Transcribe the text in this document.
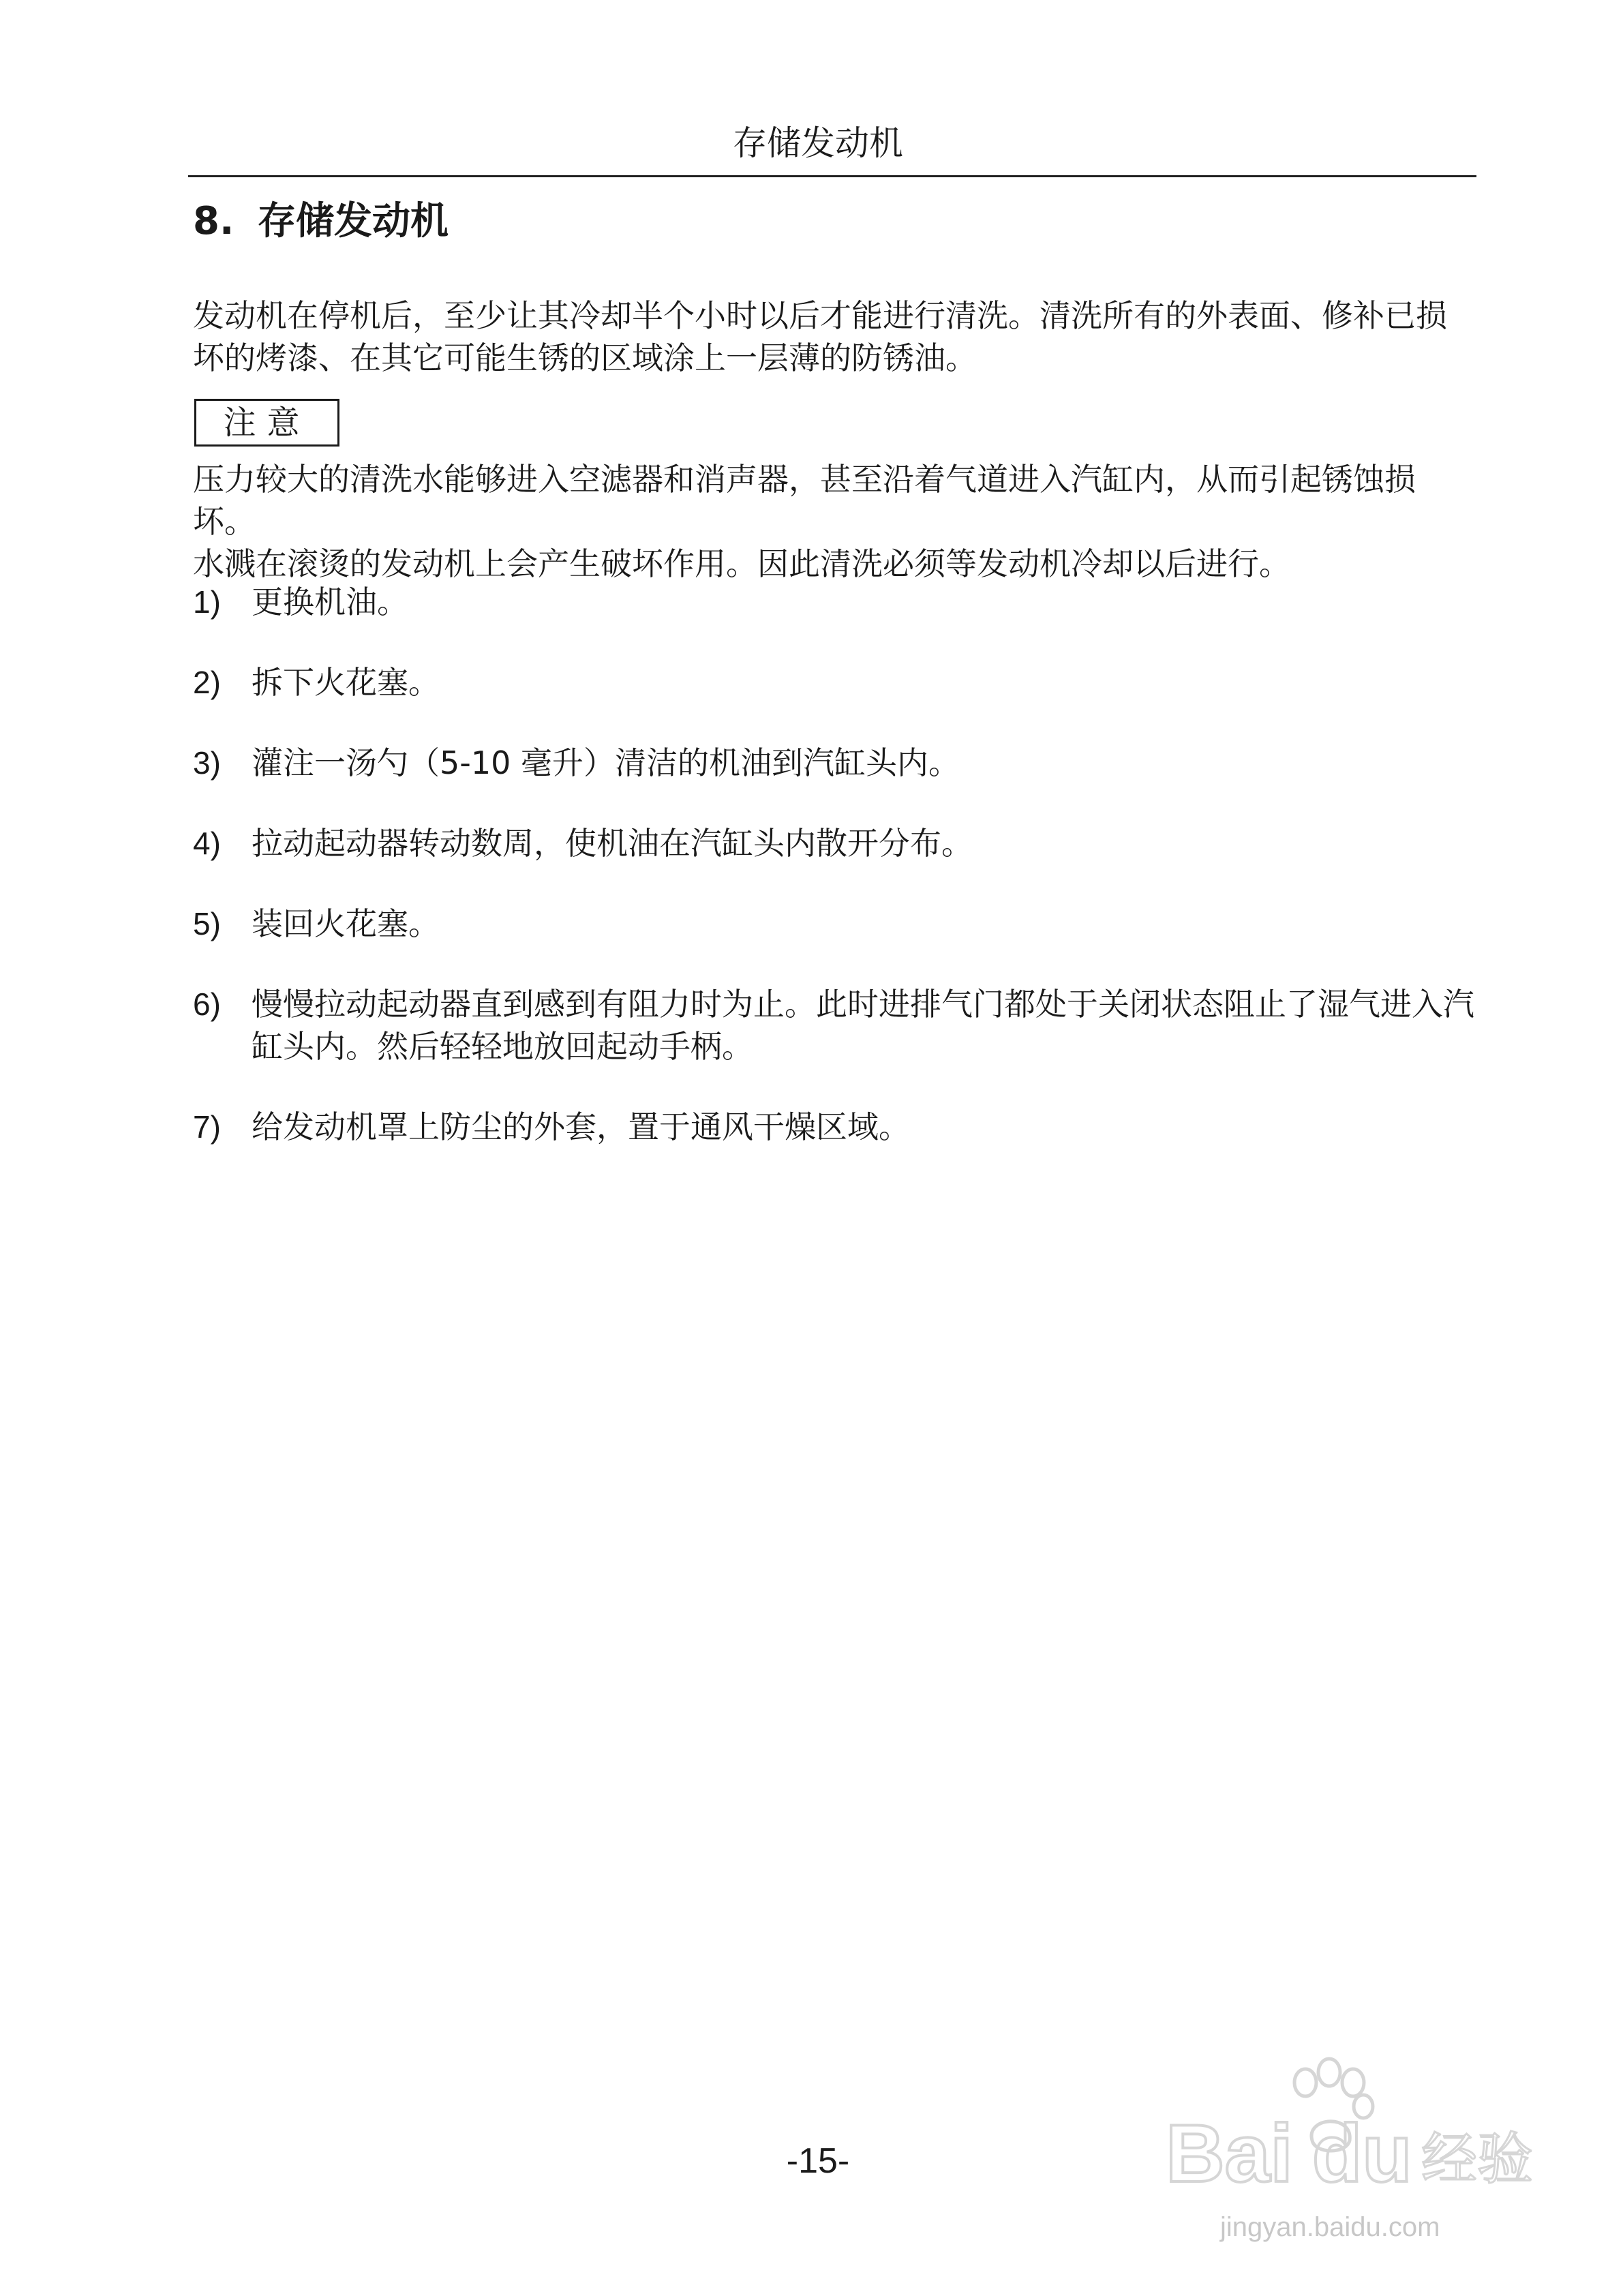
存储发动机
8. 存储发动机

发动机在停机后，至少让其冷却半个小时以后才能进行清洗。清洗所有的外表面、修补已损坏的烤漆、在其它可能生锈的区域涂上一层薄的防锈油。

注意

压力较大的清洗水能够进入空滤器和消声器，甚至沿着气道进入汽缸内，从而引起锈蚀损坏。

水溅在滚烫的发动机上会产生破坏作用。因此清洗必须等发动机冷却以后进行。

1) 更换机油。
2) 拆下火花塞。
3) 灌注一汤勺（5-10 毫升）清洁的机油到汽缸头内。
4) 拉动起动器转动数周，使机油在汽缸头内散开分布。
5) 装回火花塞。
6) 慢慢拉动起动器直到感到有阻力时为止。此时进排气门都处于关闭状态阻止了湿气进入汽缸头内。然后轻轻地放回起动手柄。
7) 给发动机罩上防尘的外套，置于通风干燥区域。
-15-	Bai du 经验
jingyan.baidu.com
